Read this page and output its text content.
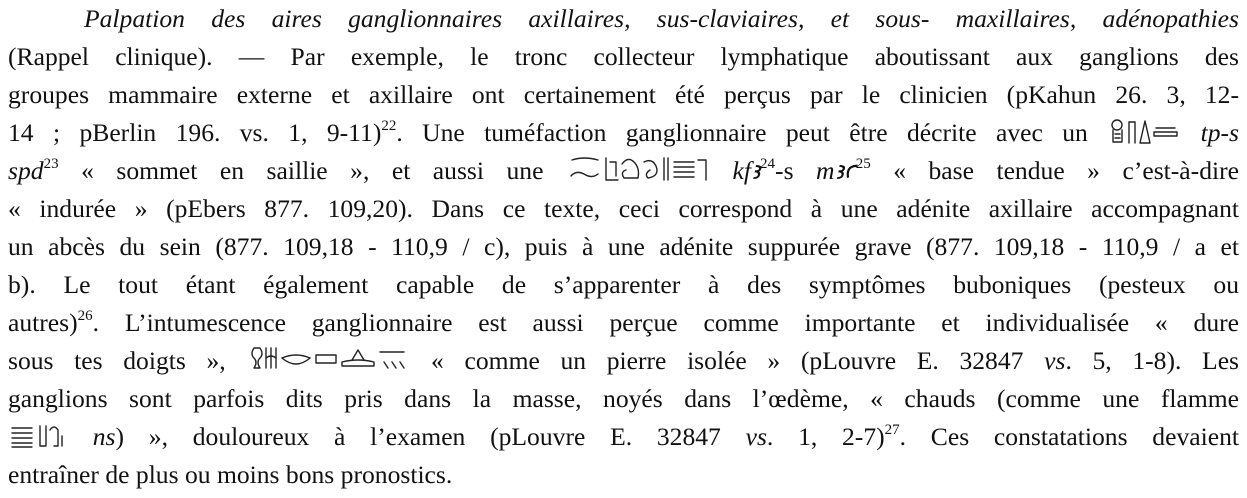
Palpation des aires ganglionnaires axillaires, sus-claviaires, et sous- maxillaires, adénopathies
(Rappel clinique). — Par exemple, le tronc collecteur lymphatique aboutissant aux ganglions des
groupes mammaire externe et axillaire ont certainement été perçus par le clinicien (pKahun 26. 3, 12-
14 ; pBerlin 196. vs. 1, 9-11)$^{22}$. Une tuméfaction ganglionnaire peut être décrite avec un	tp-s
spd$^{23}$ « sommet en saillie », et aussi une	kfꜣ$^{24}$-s mꜣꜥ$^{25}$ « base tendue » c’est-à-dire
« indurée » (pEbers 877. 109,20). Dans ce texte, ceci correspond à une adénite axillaire accompagnant
un abcès du sein (877. 109,18 - 110,9 / c), puis à une adénite suppurée grave (877. 109,18 - 110,9 / a et
b). Le tout étant également capable de s’apparenter à des symptômes buboniques (pesteux ou
autres)$^{26}$. L’intumescence ganglionnaire est aussi perçue comme importante et individualisée « dure
sous tes doigts »,	« comme un pierre isolée » (pLouvre E. 32847 vs. 5, 1-8). Les
ganglions sont parfois dits pris dans la masse, noyés dans l’œdème, « chauds (comme une flamme
ns) », douloureux à l’examen (pLouvre E. 32847 vs. 1, 2-7)$^{27}$. Ces constatations devaient
entraîner de plus ou moins bons pronostics.
